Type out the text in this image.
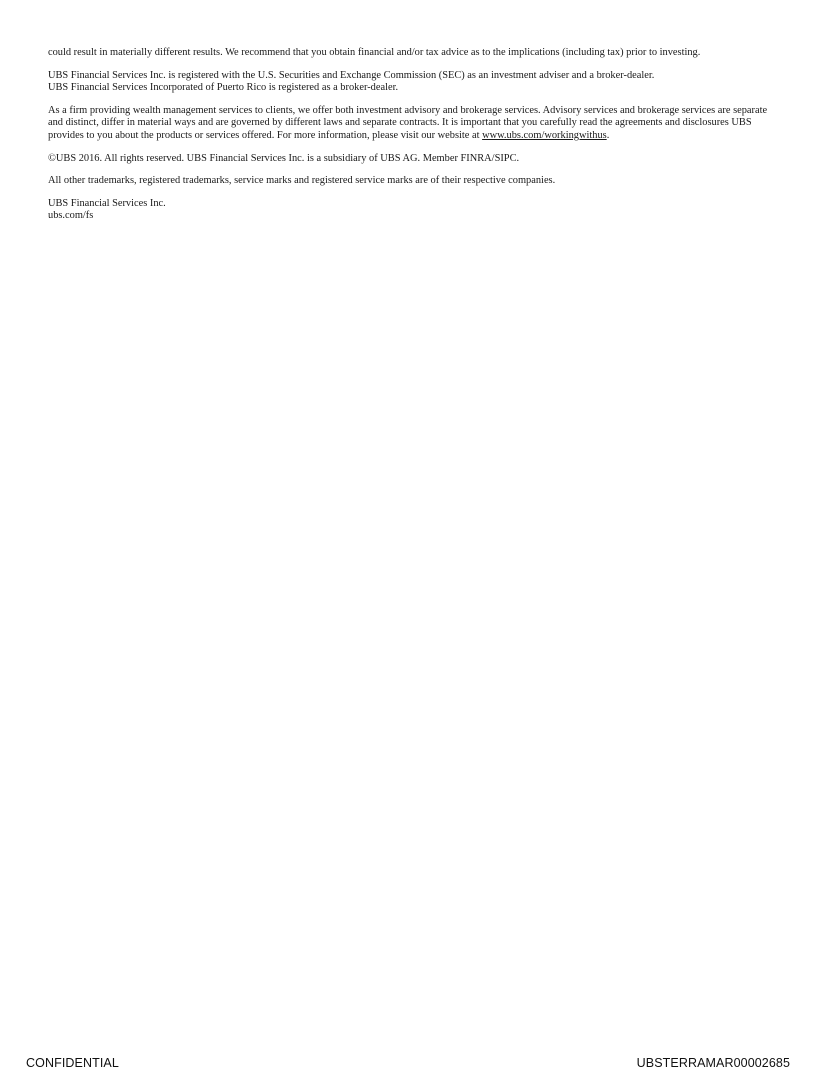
could result in materially different results. We recommend that you obtain financial and/or tax advice as to the implications (including tax) prior to investing.

UBS Financial Services Inc. is registered with the U.S. Securities and Exchange Commission (SEC) as an investment adviser and a broker-dealer.
UBS Financial Services Incorporated of Puerto Rico is registered as a broker-dealer.

As a firm providing wealth management services to clients, we offer both investment advisory and brokerage services. Advisory services and brokerage services are separate and distinct, differ in material ways and are governed by different laws and separate contracts. It is important that you carefully read the agreements and disclosures UBS provides to you about the products or services offered. For more information, please visit our website at www.ubs.com/workingwithus.

©UBS 2016. All rights reserved. UBS Financial Services Inc. is a subsidiary of UBS AG. Member FINRA/SIPC.

All other trademarks, registered trademarks, service marks and registered service marks are of their respective companies.

UBS Financial Services Inc.
ubs.com/fs

CONFIDENTIAL	UBSTERRAMAR00002685
